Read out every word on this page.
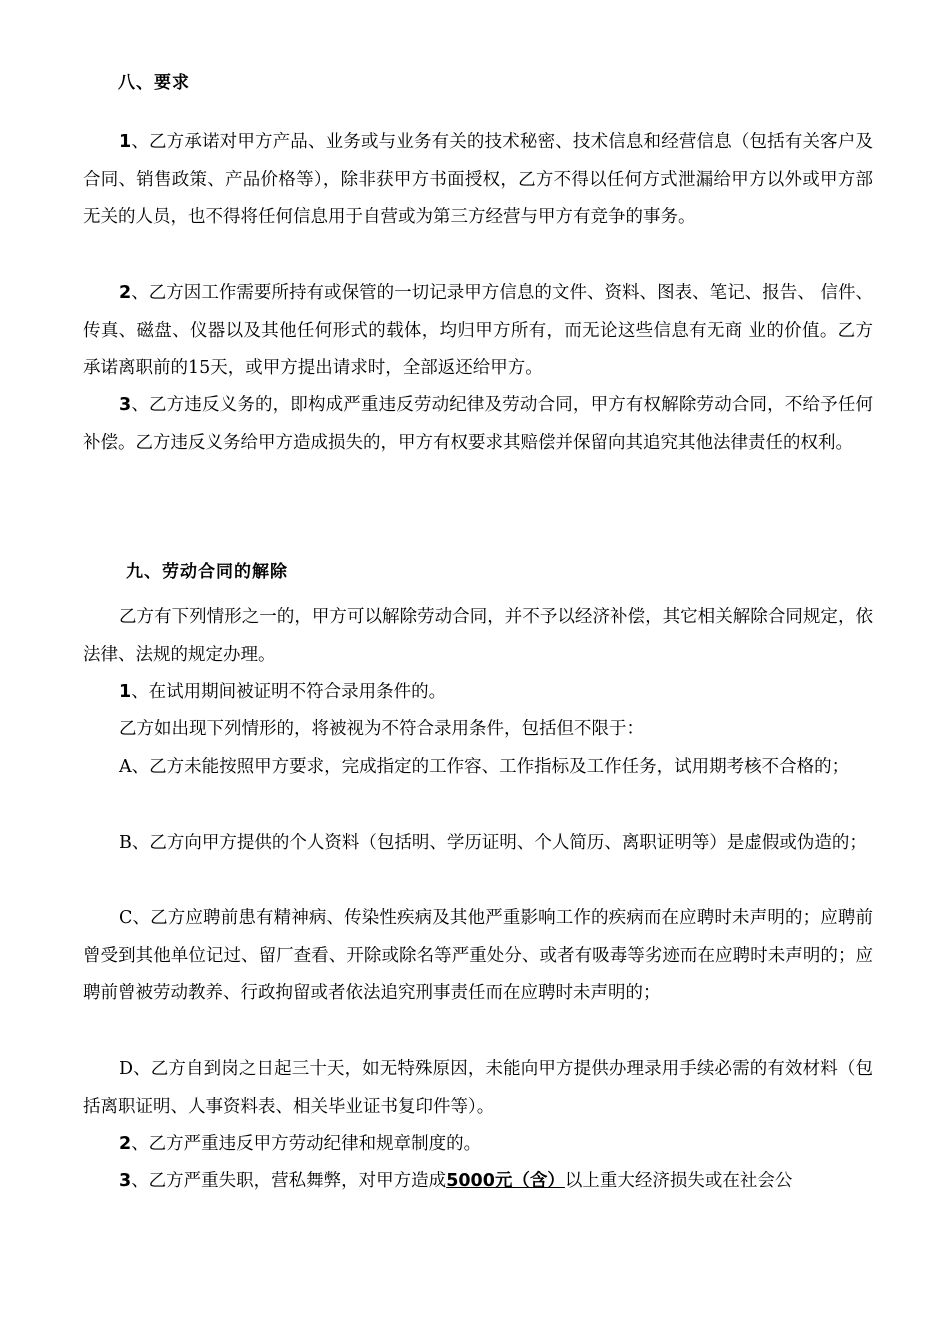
八、要求

1、乙方承诺对甲方产品、业务或与业务有关的技术秘密、技术信息和经营信息（包括有关客户及合同、销售政策、产品价格等），除非获甲方书面授权，乙方不得以任何方式泄漏给甲方以外或甲方部无关的人员，也不得将任何信息用于自营或为第三方经营与甲方有竞争的事务。

2、乙方因工作需要所持有或保管的一切记录甲方信息的文件、资料、图表、笔记、报告、 信件、传真、磁盘、仪器以及其他任何形式的载体，均归甲方所有，而无论这些信息有无商 业的价值。乙方承诺离职前的15天，或甲方提出请求时，全部返还给甲方。

3、乙方违反义务的，即构成严重违反劳动纪律及劳动合同，甲方有权解除劳动合同，不给予任何补偿。乙方违反义务给甲方造成损失的，甲方有权要求其赔偿并保留向其追究其他法律责任的权利。

九、劳动合同的解除

乙方有下列情形之一的，甲方可以解除劳动合同，并不予以经济补偿，其它相关解除合同规定，依法律、法规的规定办理。

1、在试用期间被证明不符合录用条件的。

乙方如出现下列情形的，将被视为不符合录用条件，包括但不限于：

A、乙方未能按照甲方要求，完成指定的工作容、工作指标及工作任务，试用期考核不合格的；

B、乙方向甲方提供的个人资料（包括明、学历证明、个人简历、离职证明等）是虚假或伪造的；

C、乙方应聘前患有精神病、传染性疾病及其他严重影响工作的疾病而在应聘时未声明的；应聘前曾受到其他单位记过、留厂查看、开除或除名等严重处分、或者有吸毒等劣迹而在应聘时未声明的；应聘前曾被劳动教养、行政拘留或者依法追究刑事责任而在应聘时未声明的；

D、乙方自到岗之日起三十天，如无特殊原因，未能向甲方提供办理录用手续必需的有效材料（包括离职证明、人事资料表、相关毕业证书复印件等）。

2、乙方严重违反甲方劳动纪律和规章制度的。

3、乙方严重失职，营私舞弊，对甲方造成5000元（含）以上重大经济损失或在社会公
